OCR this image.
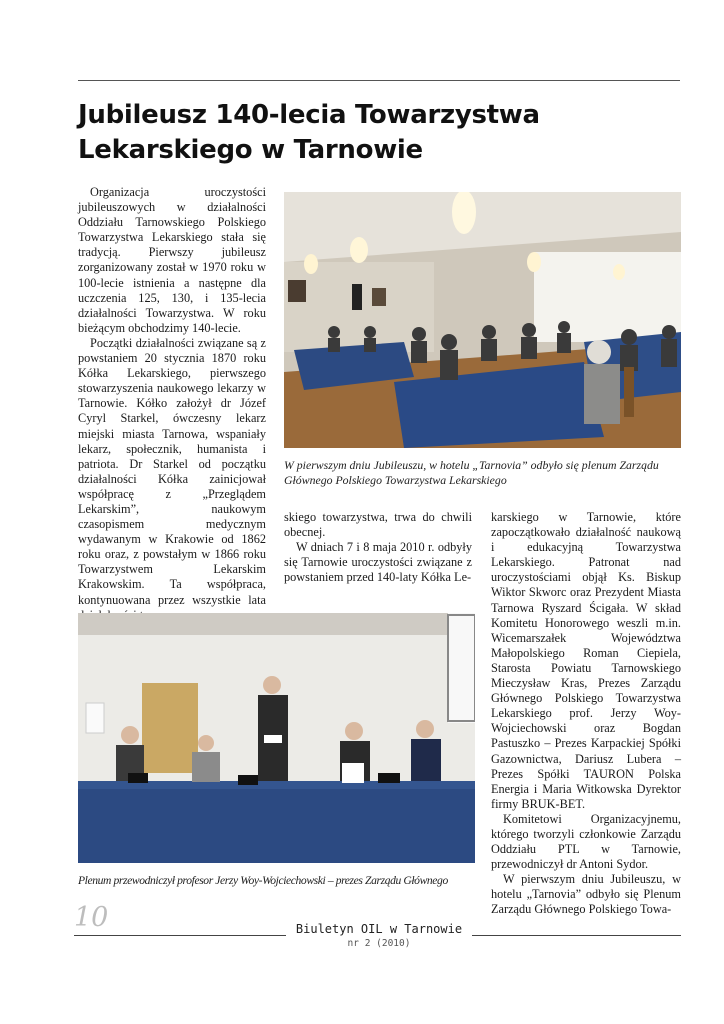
Jubileusz 140-lecia Towarzystwa
Lekarskiego w Tarnowie

Organizacja uroczystości jubileuszowych w działalności Oddziału Tarnowskiego Polskiego Towarzystwa Lekarskiego stała się tradycją. Pierwszy jubileusz zorganizowany został w 1970 roku w 100-lecie istnienia a następne dla uczczenia 125, 130, i 135-lecia działalności Towarzystwa. W roku bieżącym obchodzimy 140-lecie.

Początki działalności związane są z powstaniem 20 stycznia 1870 roku Kółka Lekarskiego, pierwszego stowarzyszenia naukowego lekarzy w Tarnowie. Kółko założył dr Józef Cyryl Starkel, ówczesny lekarz miejski miasta Tarnowa, wspaniały lekarz, społecznik, humanista i patriota. Dr Starkel od początku działalności Kółka zainicjował współpracę z „Przeglądem Lekarskim”, naukowym czasopismem medycznym wydawanym w Krakowie od 1862 roku oraz, z powstałym w 1866 roku Towarzystwem Lekarskim Krakowskim. Ta współpraca, kontynuowana przez wszystkie lata

W pierwszym dniu Jubileuszu, w hotelu „Tarnovia” odbyło się plenum Zarządu Głównego Polskiego Towarzystwa Lekarskiego

skiego towarzystwa, trwa do chwili obecnej.

W dniach 7 i 8 maja 2010 r. odbyły się Tarnowie uroczystości związane z powstaniem przed 140-laty Kółka Le-

karskiego w Tarnowie, które zapoczątkowało działalność naukową i edukacyjną Towarzystwa Lekarskiego. Patronat nad uroczystościami objął Ks. Biskup Wiktor Skworc oraz Prezydent Miasta Tarnowa Ryszard Ścigała. W skład Komitetu Honorowego weszli m.in. Wicemarszałek Województwa Małopolskiego Roman Ciepiela, Starosta Powiatu Tarnowskiego Mieczysław Kras, Prezes Zarządu Głównego Polskiego Towarzystwa Lekarskiego prof. Jerzy Woy-Wojciechowski oraz Bogdan Pastuszko – Prezes Karpackiej Spółki Gazownictwa, Dariusz Lubera – Prezes Spółki TAURON Polska Energia i Maria Witkowska Dyrektor firmy BRUK-BET.

Komitetowi Organizacyjnemu, którego tworzyli członkowie Zarządu Oddziału PTL w Tarnowie, przewodniczył dr Antoni Sydor.

W pierwszym dniu Jubileuszu, w hotelu „Tarnovia” odbyło się Plenum Zarządu Głównego Polskiego Towa-

Plenum przewodniczył profesor Jerzy Woy-Wojciechowski – prezes Zarządu Głównego
10	Biuletyn OIL w Tarnowie
nr 2 (2010)
